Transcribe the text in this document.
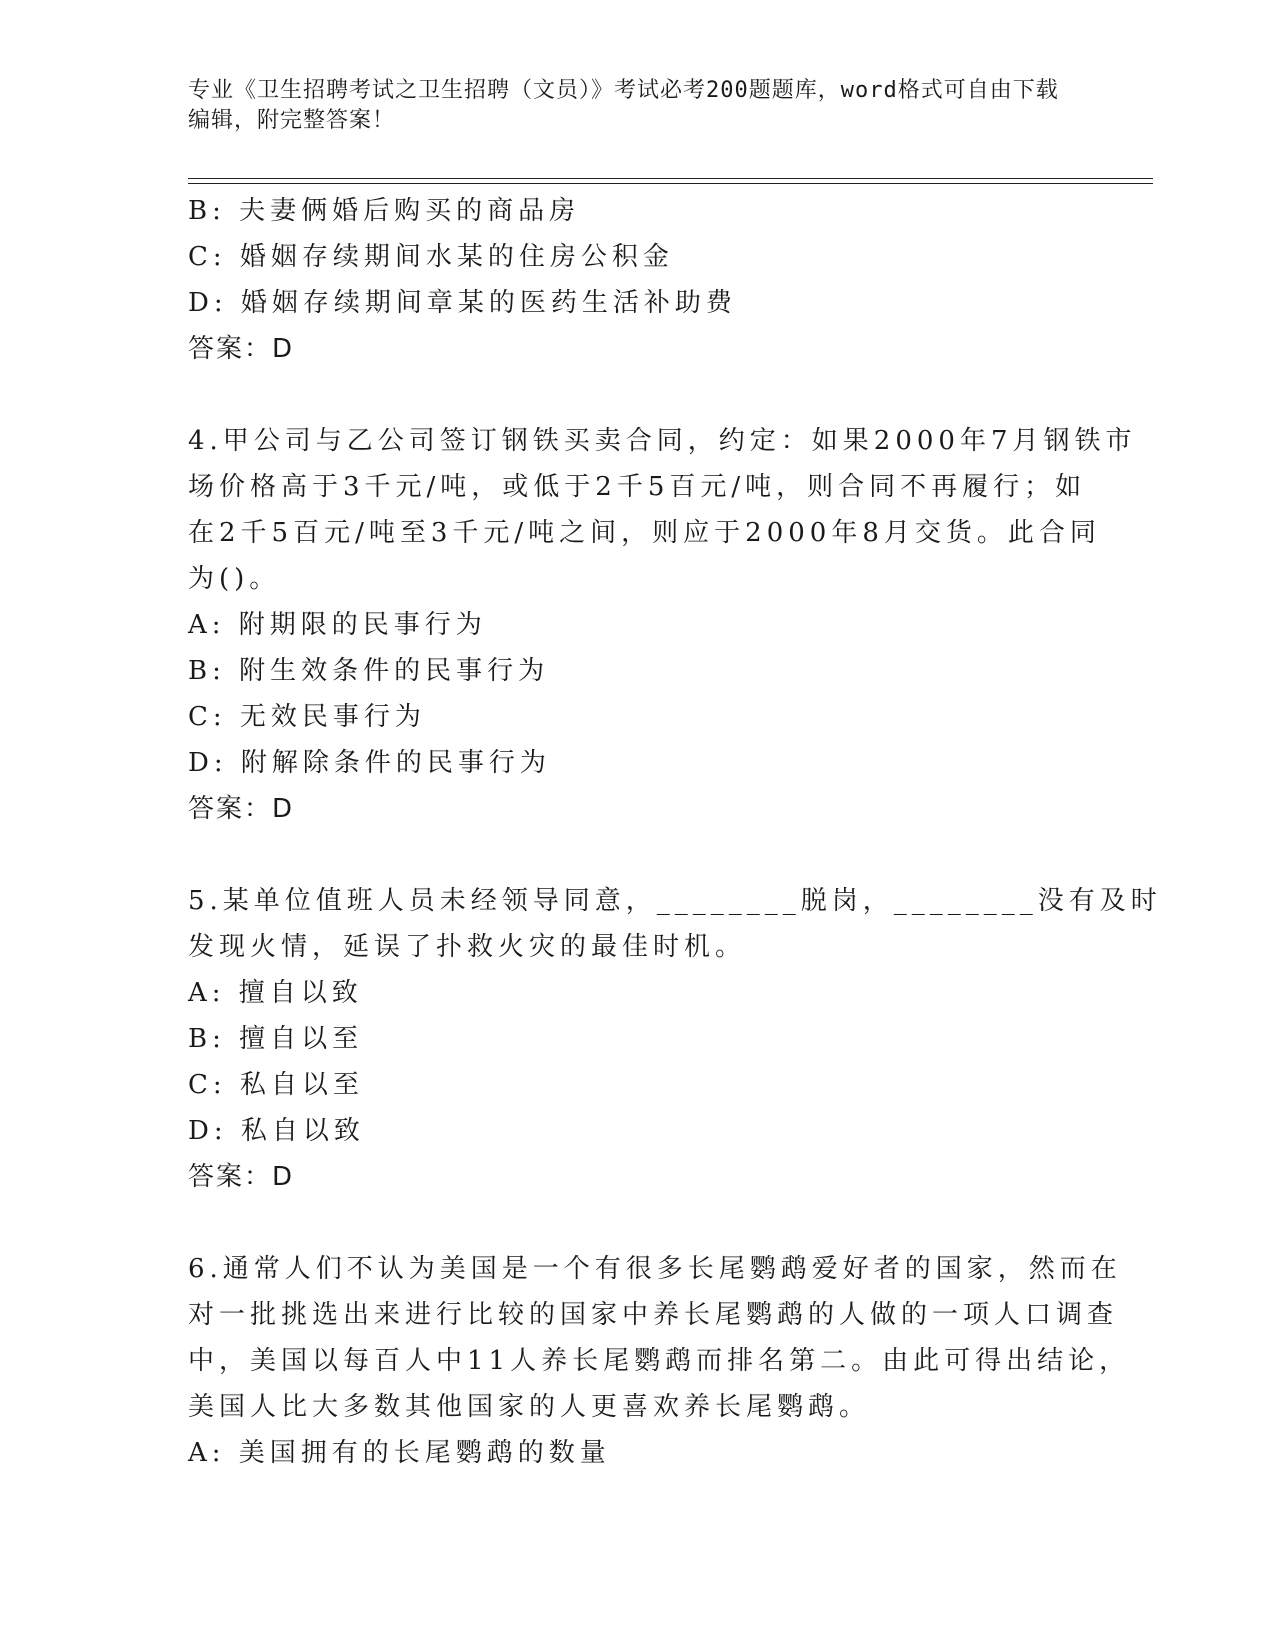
专业《卫生招聘考试之卫生招聘（文员）》考试必考200题题库，word格式可自由下载编辑，附完整答案！
B: 夫妻俩婚后购买的商品房
C: 婚姻存续期间水某的住房公积金
D: 婚姻存续期间章某的医药生活补助费
答案：D
4.甲公司与乙公司签订钢铁买卖合同，约定：如果2000年7月钢铁市
场价格高于3千元/吨，或低于2千5百元/吨，则合同不再履行；如
在2千5百元/吨至3千元/吨之间，则应于2000年8月交货。此合同
为()。
A: 附期限的民事行为
B: 附生效条件的民事行为
C: 无效民事行为
D: 附解除条件的民事行为
答案：D
5.某单位值班人员未经领导同意，________脱岗，________没有及时
发现火情，延误了扑救火灾的最佳时机。
A: 擅自以致
B: 擅自以至
C: 私自以至
D: 私自以致
答案：D
6.通常人们不认为美国是一个有很多长尾鹦鹉爱好者的国家，然而在
对一批挑选出来进行比较的国家中养长尾鹦鹉的人做的一项人口调查
中，美国以每百人中11人养长尾鹦鹉而排名第二。由此可得出结论，
美国人比大多数其他国家的人更喜欢养长尾鹦鹉。
A: 美国拥有的长尾鹦鹉的数量
